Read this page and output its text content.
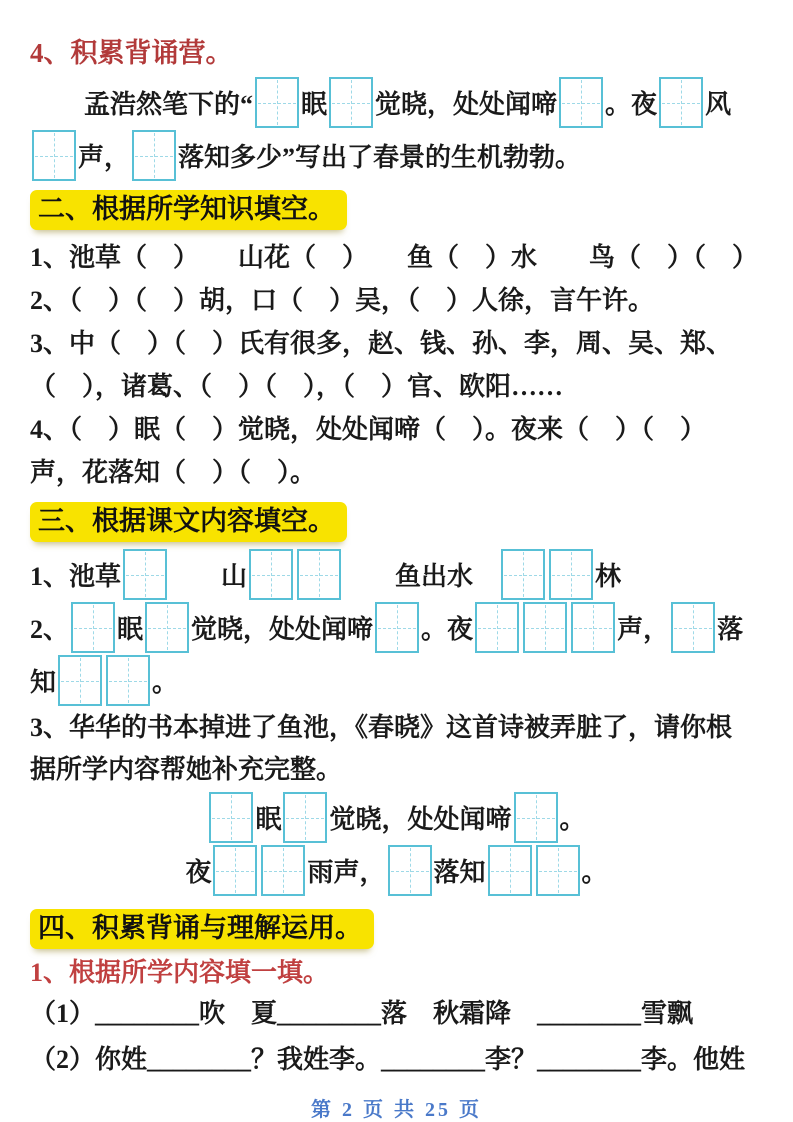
4、积累背诵营。
孟浩然笔下的“ 眠 觉晓，处处闻啼 。夜 风
声， 落知多少”写出了春景的生机勃勃。
二、根据所学知识填空。
1、池草（　）　　山花（　）　　鱼（　）水　　鸟（　）（　）
2、（　）（　）胡，口（　）吴，（　）人徐，言午许。
3、中（　）（　）氏有很多，赵、钱、孙、李，周、吴、郑、
（　），诸葛、（　）（　），（　）官、欧阳……
4、（　）眠（　）觉晓，处处闻啼（　）。夜来（　）（　）
声，花落知（　）（　）。
三、根据课文内容填空。
1、池草 　　山	　　鱼出水　	林
2、 眠 觉晓，处处闻啼 。夜	声， 落
知	。
3、华华的书本掉进了鱼池，《春晓》这首诗被弄脏了，请你根
据所学内容帮她补充完整。
眠 觉晓，处处闻啼 。
夜	雨声， 落知	。
四、积累背诵与理解运用。
1、根据所学内容填一填。
（1）________吹　夏________落　秋霜降　________雪飘
（2）你姓________？我姓李。________李？________李。他姓
第 2 页 共 25 页
